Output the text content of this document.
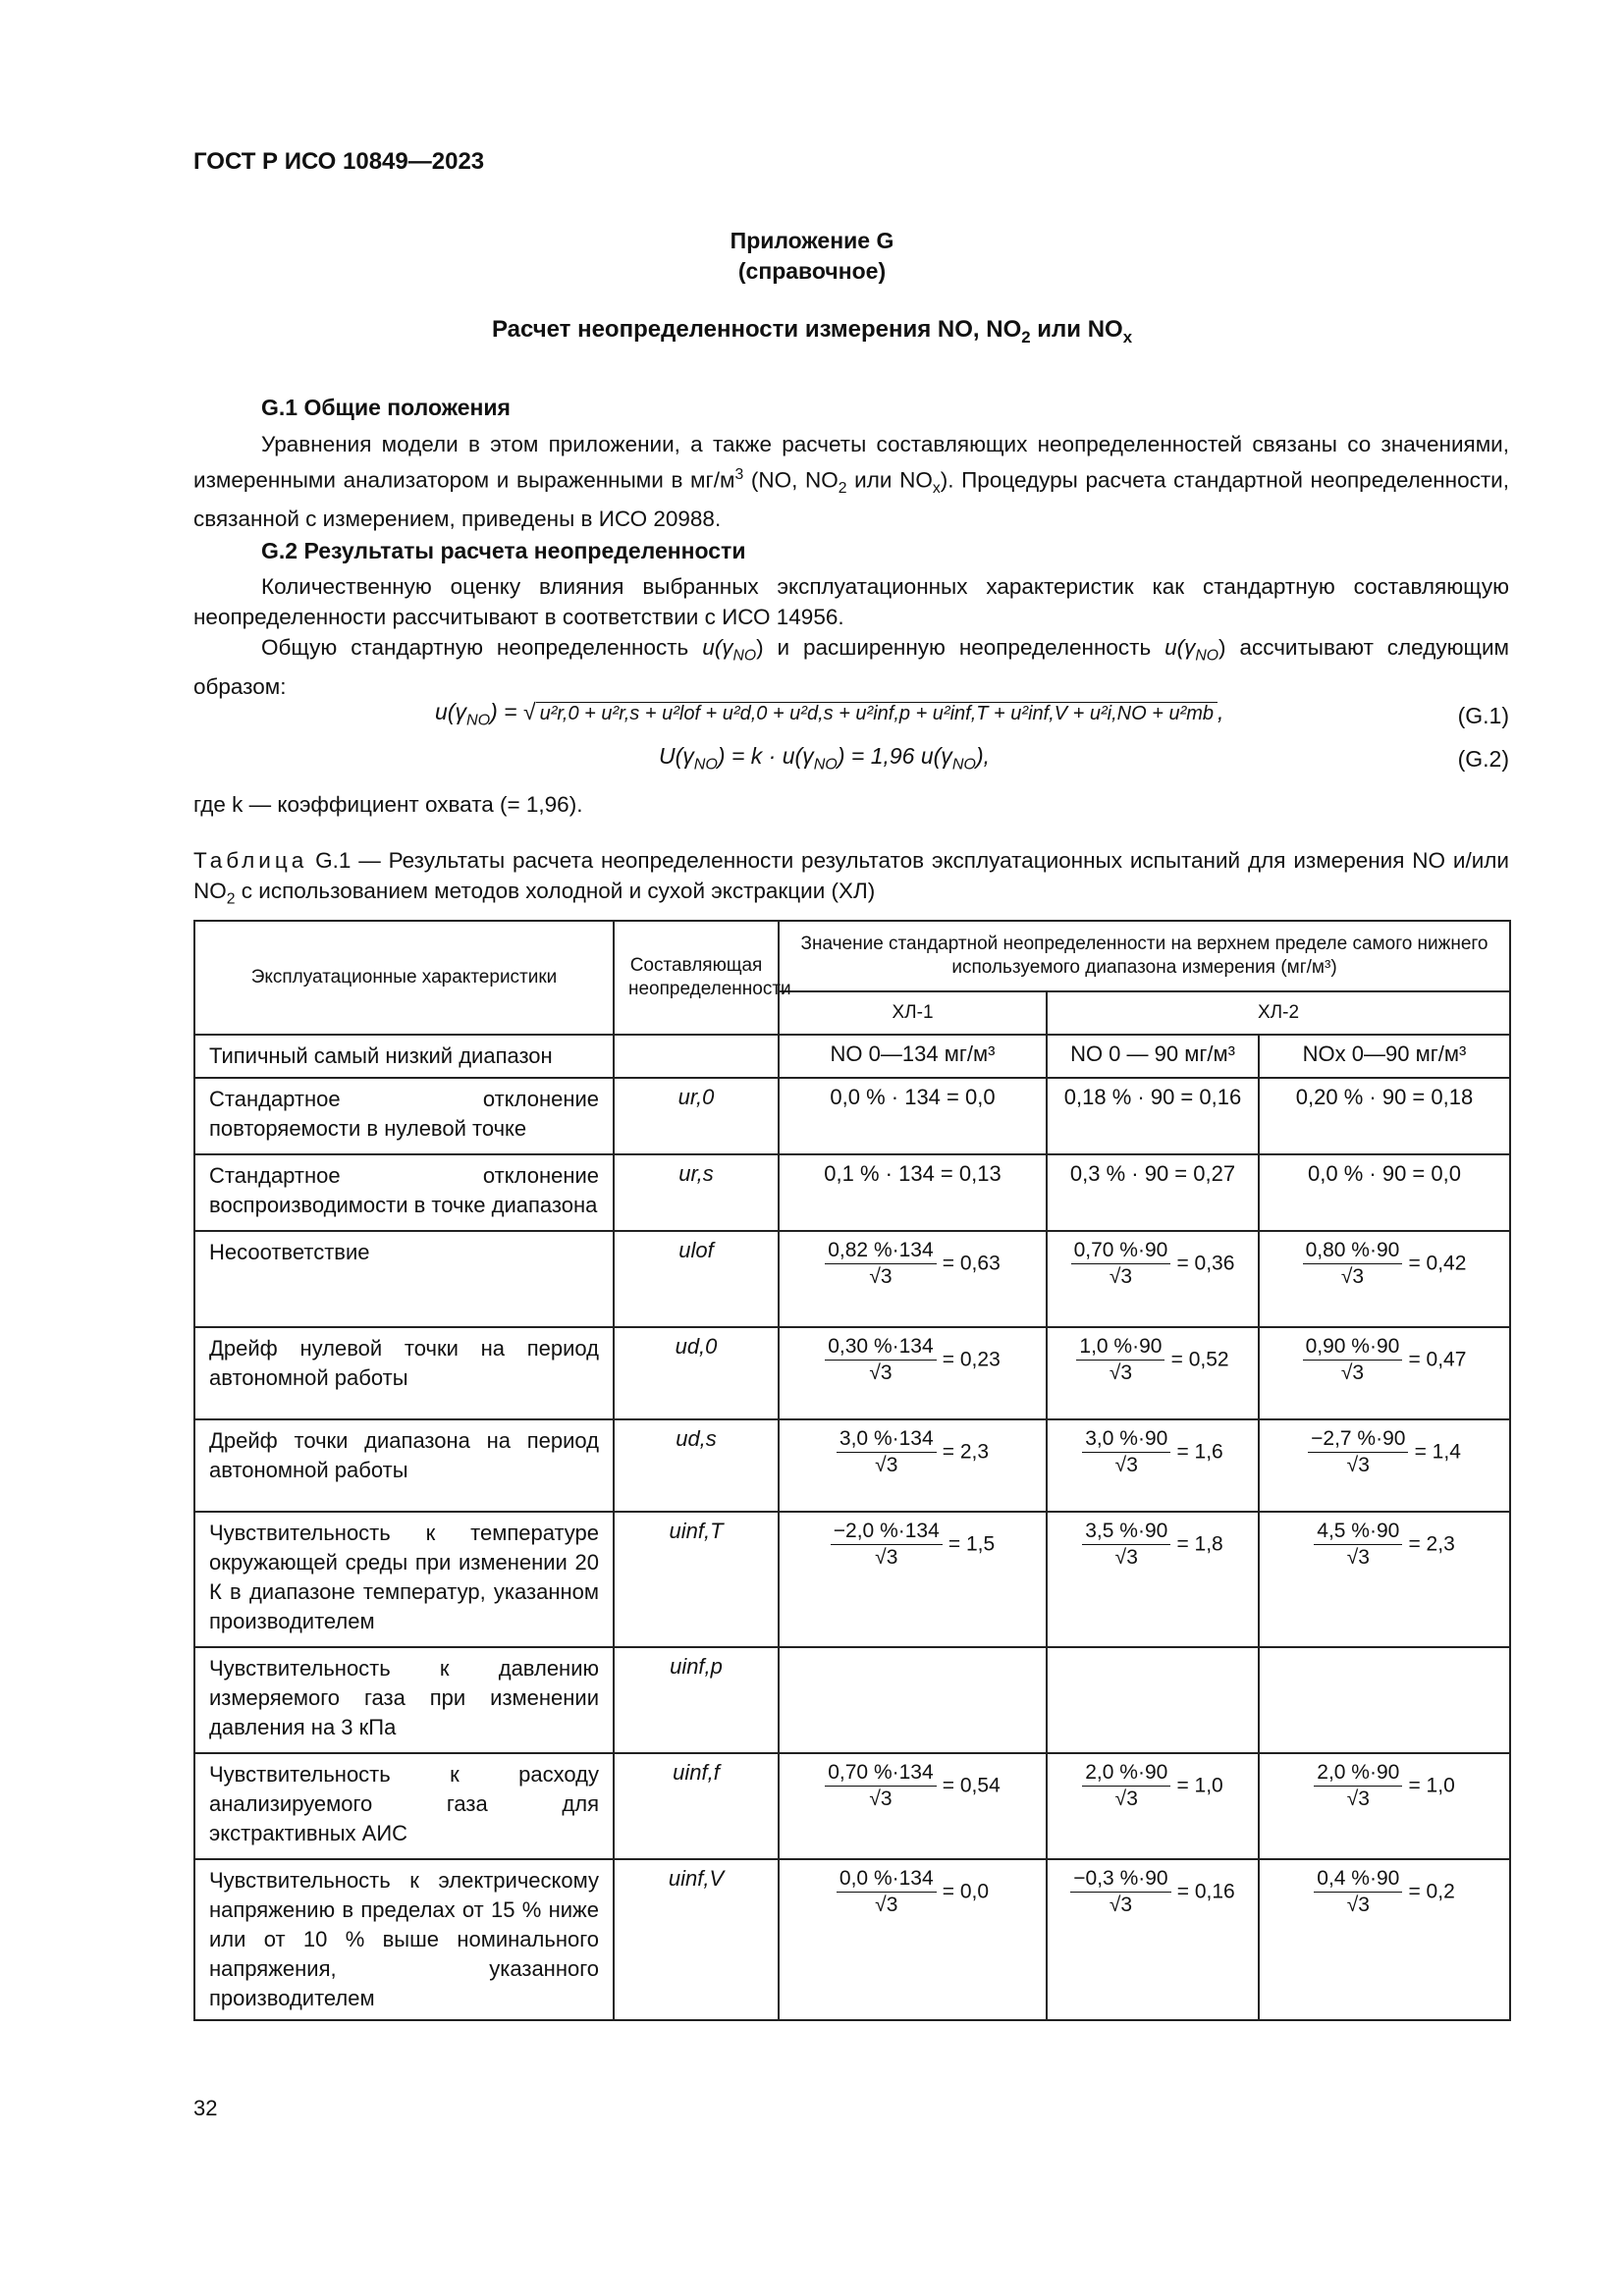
ГОСТ Р ИСО 10849—2023
Приложение G
(справочное)
Расчет неопределенности измерения NO, $NO_2$ или $NO_x$
G.1 Общие положения
Уравнения модели в этом приложении, а также расчеты составляющих неопределенностей связаны со значениями, измеренными анализатором и выраженными в $мг/м^3$ (NO, $NO_2$ или $NO_x$). Процедуры расчета стандартной неопределенности, связанной с измерением, приведены в ИСО 20988.
G.2 Результаты расчета неопределенности
Количественную оценку влияния выбранных эксплуатационных характеристик как стандартную составляющую неопределенности рассчитывают в соответствии с ИСО 14956.
Общую стандартную неопределенность $u(\gamma_{NO})$ и расширенную неопределенность $u(\gamma_{NO})$ ассчитывают следующим образом:
$u(\gamma_{NO})$ = √ u²r,0 + u²r,s + u²lof + u²d,0 + u²d,s + u²inf,p + u²inf,T + u²inf,V + u²i,NO + u²mb ,	(G.1)
$U(\gamma_{NO}) = k \cdot u(\gamma_{NO}) = 1,96$ $u(\gamma_{NO})$,	(G.2)
где k — коэффициент охвата (= 1,96).
Таблица G.1 — Результаты расчета неопределенности результатов эксплуатационных испытаний для измерения NO и/или $NO_2$ с использованием методов холодной и сухой экстракции (ХЛ)
Эксплуатационные характеристики	Составляющая неопределенности	Значение стандартной неопределенности на верхнем пределе самого нижнего используемого диапазона измерения (мг/м³)		
		ХЛ-1	ХЛ-2	
Типичный самый низкий диапазон		NO 0—134 мг/м³	NO 0 — 90 мг/м³	NOx 0—90 мг/м³
Стандартное отклонение повторяемости в нулевой точке	ur,0	0,0 % · 134 = 0,0	0,18 % · 90 = 0,16	0,20 % · 90 = 0,18
Стандартное отклонение воспроизводимости в точке диапазона	ur,s	0,1 % · 134 = 0,13	0,3 % · 90 = 0,27	0,0 % · 90 = 0,0
Несоответствие	ulof	$\frac{0,82 \%\cdot 134}{√3} = 0,63$	$\frac{0,70 \%\cdot 90}{√3} = 0,36$	$\frac{0,80 \%\cdot 90}{√3} = 0,42$
Дрейф нулевой точки на период автономной работы	ud,0	$\frac{0,30 \%\cdot 134}{√3} = 0,23$	$\frac{1,0 \%\cdot 90}{√3} = 0,52$	$\frac{0,90 \%\cdot 90}{√3} = 0,47$
Дрейф точки диапазона на период автономной работы	ud,s	$\frac{3,0 \%\cdot 134}{√3} = 2,3$	$\frac{3,0 \%\cdot 90}{√3} = 1,6$	$\frac{-2,7 \%\cdot 90}{√3} = 1,4$
Чувствительность к температуре окружающей среды при изменении 20 К в диапазоне температур, указанном производителем	uinf,T	$\frac{-2,0 \%\cdot 134}{√3} = 1,5$	$\frac{3,5 \%\cdot 90}{√3} = 1,8$	$\frac{4,5 \%\cdot 90}{√3} = 2,3$
Чувствительность к давлению измеряемого газа при изменении давления на 3 кПа	uinf,p			
Чувствительность к расходу анализируемого газа для экстрактивных АИС	uinf,f	$\frac{0,70 \%\cdot 134}{√3} = 0,54$	$\frac{2,0 \%\cdot 90}{√3} = 1,0$	$\frac{2,0 \%\cdot 90}{√3} = 1,0$
Чувствительность к электрическому напряжению в пределах от 15 % ниже или от 10 % выше номинального напряжения, указанного производителем	uinf,V	$\frac{0,0 \%\cdot 134}{√3} = 0,0$	$\frac{-0,3 \%\cdot 90}{√3} = 0,16$	$\frac{0,4 \%\cdot 90}{√3} = 0,2$
32
